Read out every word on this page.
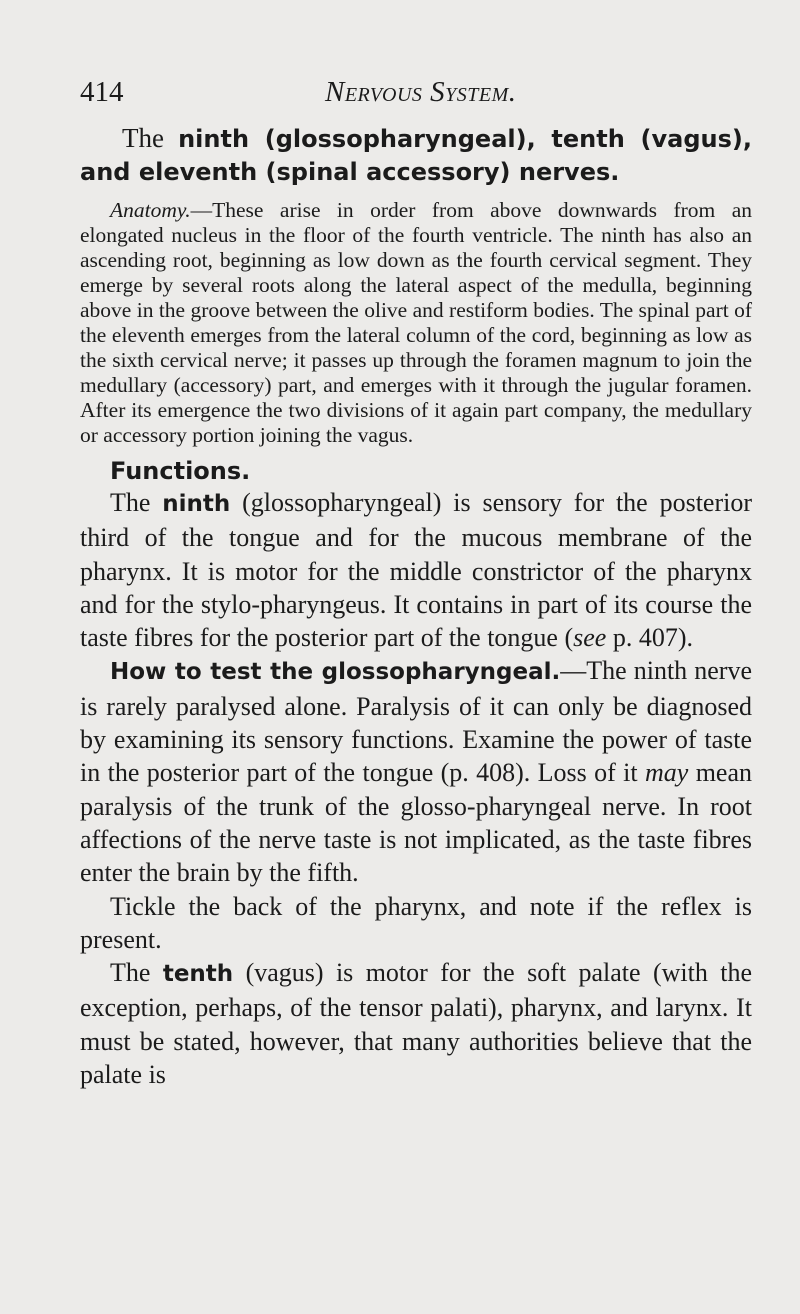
414	Nervous System.

The ninth (glossopharyngeal), tenth (vagus), and eleventh (spinal accessory) nerves.

Anatomy.—These arise in order from above downwards from an elongated nucleus in the floor of the fourth ventricle. The ninth has also an ascending root, beginning as low down as the fourth cervical segment. They emerge by several roots along the lateral aspect of the medulla, beginning above in the groove between the olive and restiform bodies. The spinal part of the eleventh emerges from the lateral column of the cord, beginning as low as the sixth cervical nerve; it passes up through the foramen magnum to join the medullary (accessory) part, and emerges with it through the jugular foramen. After its emergence the two divisions of it again part company, the medullary or accessory portion joining the vagus.

Functions.

The ninth (glossopharyngeal) is sensory for the posterior third of the tongue and for the mucous membrane of the pharynx. It is motor for the middle constrictor of the pharynx and for the stylo-pharyngeus. It contains in part of its course the taste fibres for the posterior part of the tongue (see p. 407).

How to test the glossopharyngeal.—The ninth nerve is rarely paralysed alone. Paralysis of it can only be diagnosed by examining its sensory functions. Examine the power of taste in the posterior part of the tongue (p. 408). Loss of it may mean paralysis of the trunk of the glosso-pharyngeal nerve. In root affections of the nerve taste is not implicated, as the taste fibres enter the brain by the fifth.

Tickle the back of the pharynx, and note if the reflex is present.

The tenth (vagus) is motor for the soft palate (with the exception, perhaps, of the tensor palati), pharynx, and larynx. It must be stated, however, that many authorities believe that the palate is
